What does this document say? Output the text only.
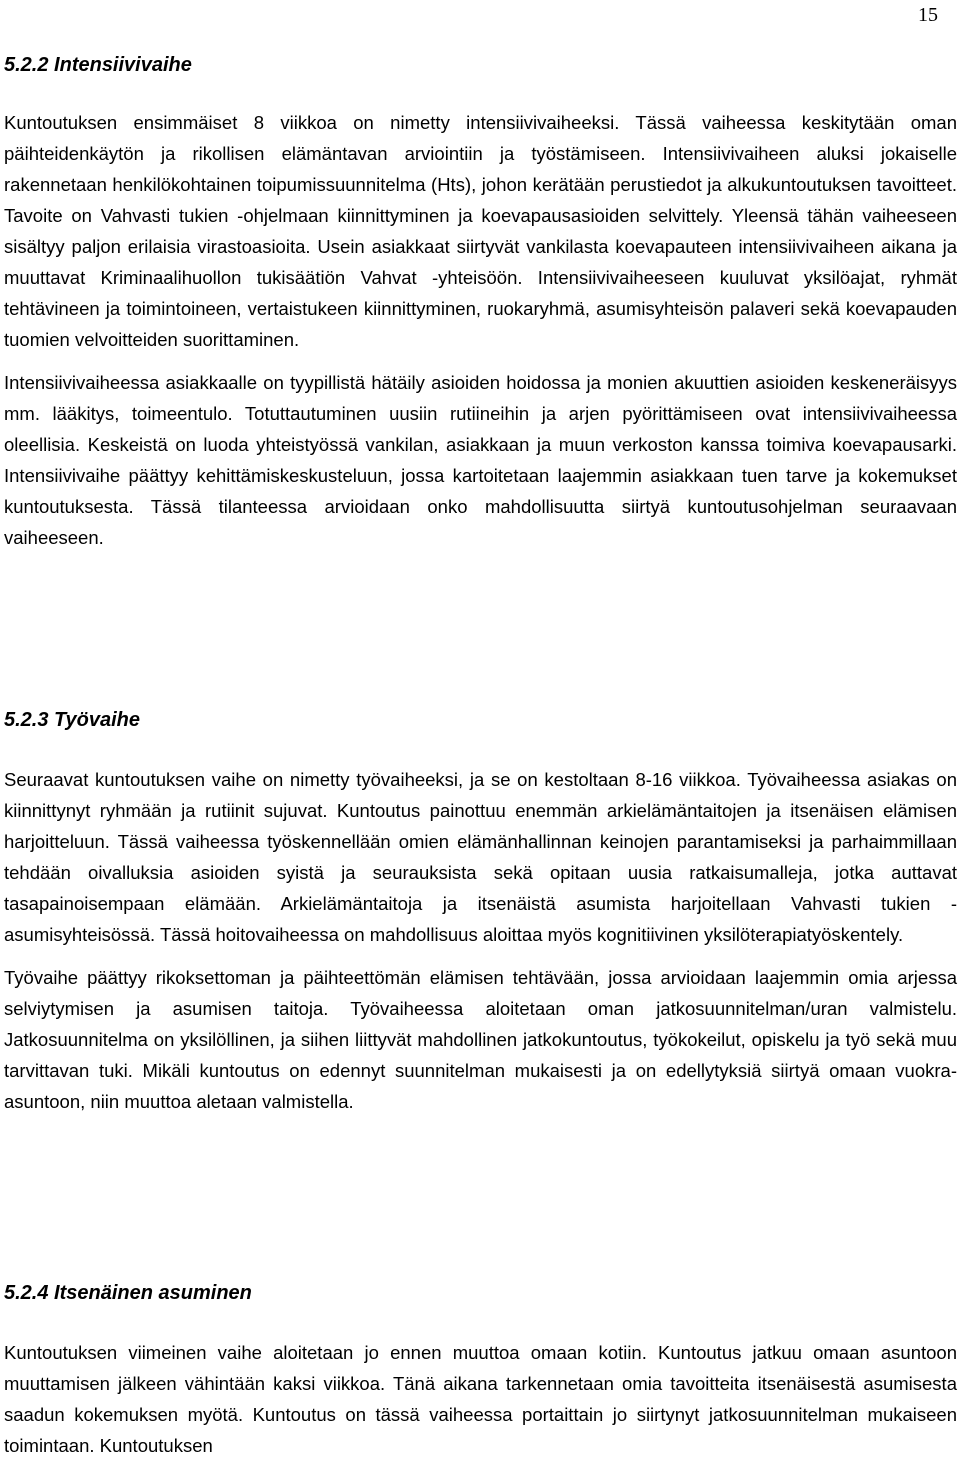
15
5.2.2 Intensiivivaihe

Kuntoutuksen ensimmäiset 8 viikkoa on nimetty intensiivivaiheeksi. Tässä vaiheessa keskitytään oman päihteidenkäytön ja rikollisen elämäntavan arviointiin ja työstämiseen. Intensiivivaiheen aluksi jokaiselle rakennetaan henkilökohtainen toipumissuunnitelma (Hts), johon kerätään perustiedot ja alkukuntoutuksen tavoitteet. Tavoite on Vahvasti tukien -ohjelmaan kiinnittyminen ja koevapausasioiden selvittely. Yleensä tähän vaiheeseen sisältyy paljon erilaisia virastoasioita. Usein asiakkaat siirtyvät vankilasta koevapauteen intensiivivaiheen aikana ja muuttavat Kriminaalihuollon tukisäätiön Vahvat -yhteisöön. Intensiivivaiheeseen kuuluvat yksilöajat, ryhmät tehtävineen ja toimintoineen, vertaistukeen kiinnittyminen, ruokaryhmä, asumisyhteisön palaveri sekä koevapauden tuomien velvoitteiden suorittaminen.

Intensiivivaiheessa asiakkaalle on tyypillistä hätäily asioiden hoidossa ja monien akuuttien asioiden keskeneräisyys mm. lääkitys, toimeentulo. Totuttautuminen uusiin rutiineihin ja arjen pyörittämiseen ovat intensiivivaiheessa oleellisia. Keskeistä on luoda yhteistyössä vankilan, asiakkaan ja muun verkoston kanssa toimiva koevapausarki. Intensiivivaihe päättyy kehittämiskeskusteluun, jossa kartoitetaan laajemmin asiakkaan tuen tarve ja kokemukset kuntoutuksesta. Tässä tilanteessa arvioidaan onko mahdollisuutta siirtyä kuntoutusohjelman seuraavaan vaiheeseen.

5.2.3 Työvaihe

Seuraavat kuntoutuksen vaihe on nimetty työvaiheeksi, ja se on kestoltaan 8-16 viikkoa. Työvaiheessa asiakas on kiinnittynyt ryhmään ja rutiinit sujuvat. Kuntoutus painottuu enemmän arkielämäntaitojen ja itsenäisen elämisen harjoitteluun. Tässä vaiheessa työskennellään omien elämänhallinnan keinojen parantamiseksi ja parhaimmillaan tehdään oivalluksia asioiden syistä ja seurauksista sekä opitaan uusia ratkaisumalleja, jotka auttavat tasapainoisempaan elämään. Arkielämäntaitoja ja itsenäistä asumista harjoitellaan Vahvasti tukien -asumisyhteisössä. Tässä hoitovaiheessa on mahdollisuus aloittaa myös kognitiivinen yksilöterapiatyöskentely.

Työvaihe päättyy rikoksettoman ja päihteettömän elämisen tehtävään, jossa arvioidaan laajemmin omia arjessa selviytymisen ja asumisen taitoja. Työvaiheessa aloitetaan oman jatkosuunnitelman/uran valmistelu. Jatkosuunnitelma on yksilöllinen, ja siihen liittyvät mahdollinen jatkokuntoutus, työkokeilut, opiskelu ja työ sekä muu tarvittavan tuki. Mikäli kuntoutus on edennyt suunnitelman mukaisesti ja on edellytyksiä siirtyä omaan vuokra-asuntoon, niin muuttoa aletaan valmistella.

5.2.4 Itsenäinen asuminen

Kuntoutuksen viimeinen vaihe aloitetaan jo ennen muuttoa omaan kotiin. Kuntoutus jatkuu omaan asuntoon muuttamisen jälkeen vähintään kaksi viikkoa. Tänä aikana tarkennetaan omia tavoitteita itsenäisestä asumisesta saadun kokemuksen myötä. Kuntoutus on tässä vaiheessa portaittain jo siirtynyt jatkosuunnitelman mukaiseen toimintaan. Kuntoutuksen
